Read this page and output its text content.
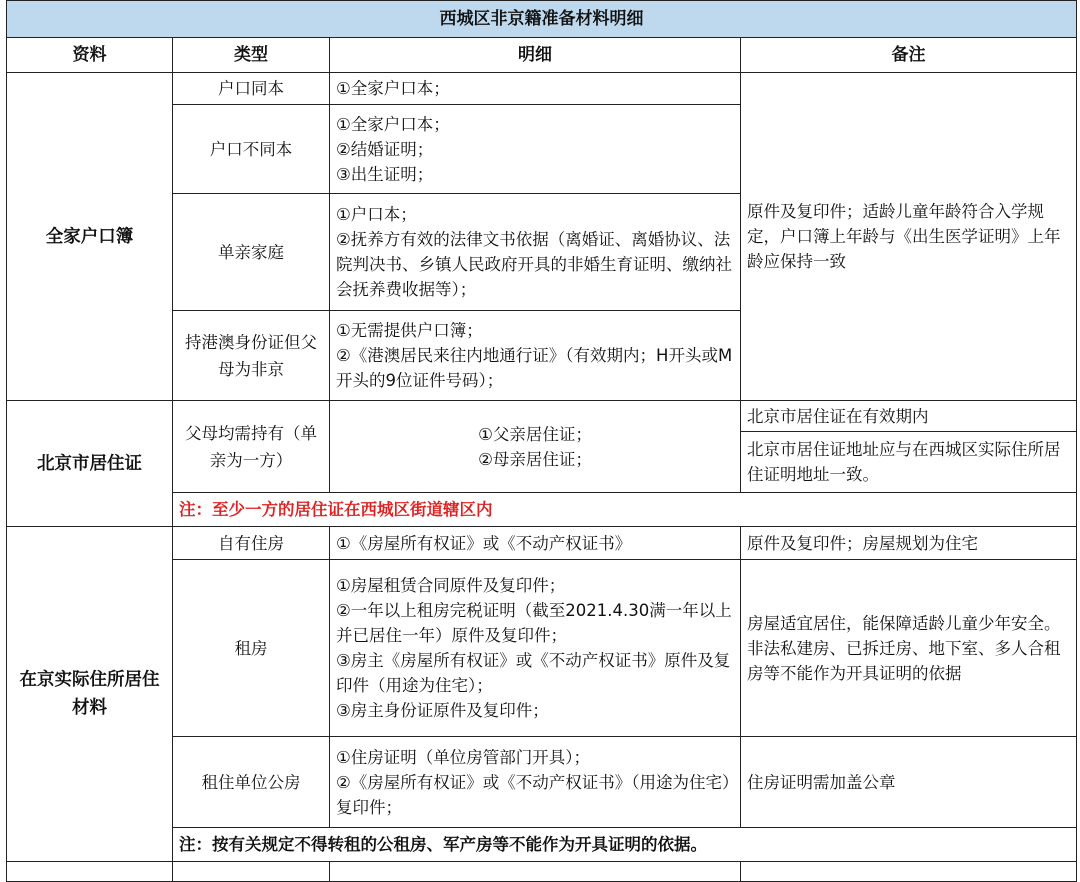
西城区非京籍准备材料明细			
资料	类型	明细	备注
全家户口簿	户口同本	①全家户口本；	原件及复印件；适龄儿童年龄符合入学规定，户口簿上年龄与《出生医学证明》上年龄应保持一致
	户口不同本	①全家户口本；
②结婚证明；
③出生证明；	

	单亲家庭	①户口本；
②抚养方有效的法律文书依据（离婚证、离婚协议、法院判决书、乡镇人民政府开具的非婚生育证明、缴纳社会抚养费收据等）；	

	持港澳身份证但父母为非京	①无需提供户口簿；
②《港澳居民来往内地通行证》（有效期内；H开头或M开头的9位证件号码）；	

北京市居住证	父母均需持有（单亲为一方）	①父亲居住证；
②母亲居住证；	北京市居住证在有效期内
			北京市居住证地址应与在西城区实际住所居住证明地址一致。
	注：至少一方的居住证在西城区街道辖区内		
在京实际住所居住材料	自有住房	①《房屋所有权证》或《不动产权证书》	原件及复印件；房屋规划为住宅
	租房	①房屋租赁合同原件及复印件；
②一年以上租房完税证明（截至2021.4.30满一年以上并已居住一年）原件及复印件；
③房主《房屋所有权证》或《不动产权证书》原件及复印件（用途为住宅）；
③房主身份证原件及复印件；	房屋适宜居住，能保障适龄儿童少年安全。非法私建房、已拆迁房、地下室、多人合租房等不能作为开具证明的依据
	租住单位公房	①住房证明（单位房管部门开具）；
②《房屋所有权证》或《不动产权证书》（用途为住宅）复印件；	住房证明需加盖公章
	注：按有关规定不得转租的公租房、军产房等不能作为开具证明的依据。		
